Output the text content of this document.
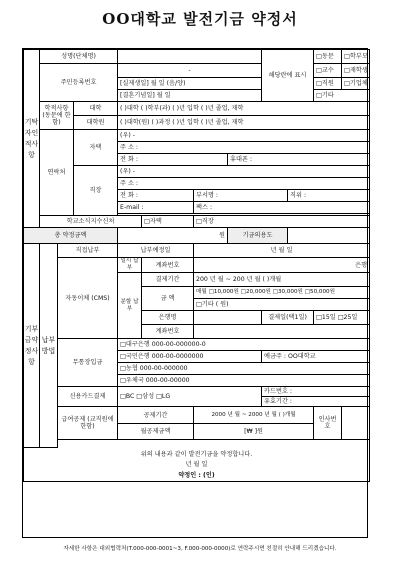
OO대학교 발전기금 약정서
기탁자인적사항	성명(단체명)							해당란에 표시		□동문	□학부모
	주민등록번호			-						□교수	□재학생
				[실제생일] 월 일 (음/양)						□직원	□기업체
				[결혼기념일] 월 일						□기타	

	학적사항
(동문에 한함)		대학	( )대학 ( )학부(과) ( )년 입학 ( )년 졸업, 재학							
			대학원	( )대학(원) ( )과정 ( )년 입학 ( )년 졸업, 재학							
	연락처		자택	(우) -							
				주 소 :							
				전 화 :			휴대폰 :				
			직장	(우) -							
				주 소 :							
				전 화 :		부서명 :			직위 :		
				E-mail :		팩스 :					

	학교소식지수신처				□자택	□직장					
총 약정금액				원			기금의용도				
기부금약정사항	납부방법	직접납부		납부예정일		년 월 일					
		자동이체 (CMS)		일시 납부	계좌번호	은행					
				분할 납부	결제기간	200 년 월 ~ 200 년 월 ( )개월					
					금 액	매월 □10,000원 □20,000원 □30,000원 □50,000원					
						□기타 ( 원)					
					은행명			결제일(택1일)		□15일 □25일	
					계좌번호						
		무통장입금		□대구은행 000-00-000000-0							
				□국민은행 000-00-0000000				예금주 : OO대학교			
				□농협 000-00-000000							
				□우체국 000-00-00000							
		신용카드결제		□BC □삼성 □LG				카드번호 :			
								유효기간 :			
		급여공제 (교직원에 한함)		공제기간		2000 년 월 ~ 2000 년 월 ( )개월				인사번호	
				월공제금액		[₩ ]원					

위의 내용과 같이 발전기금을 약정합니다.
년 월 일
약정인 : (인)											
자세한 사항은 대외협력처(T.000-000-0001~3, F.000-000-0000)로 연락주시면 친절히 안내해 드리겠습니다.
